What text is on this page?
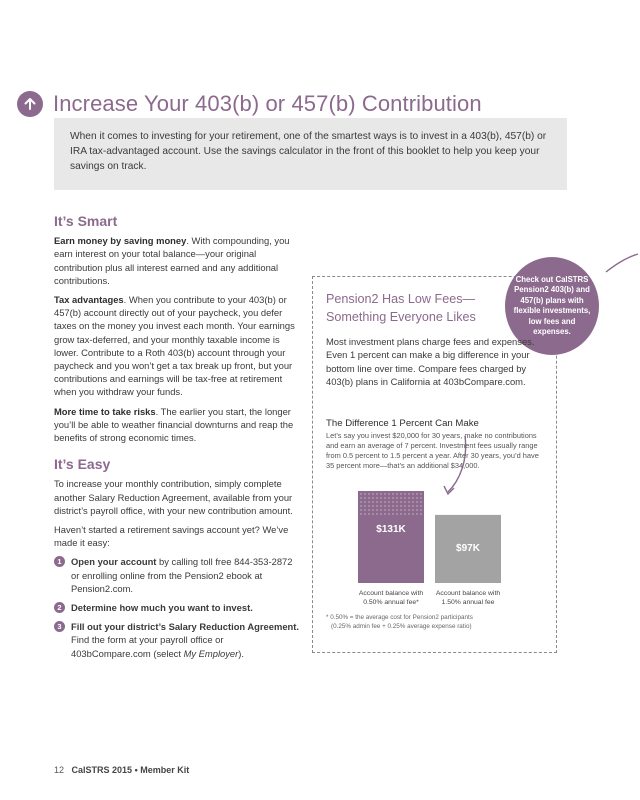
Increase Your 403(b) or 457(b) Contribution
When it comes to investing for your retirement, one of the smartest ways is to invest in a 403(b), 457(b) or IRA tax-advantaged account. Use the savings calculator in the front of this booklet to help you keep your savings on track.
It’s Smart

Earn money by saving money. With compounding, you earn interest on your total balance—your original contribution plus all interest earned and any additional contributions.

Tax advantages. When you contribute to your 403(b) or 457(b) account directly out of your paycheck, you defer taxes on the money you invest each month. Your earnings grow tax-deferred, and your monthly taxable income is lower. Contribute to a Roth 403(b) account through your paycheck and you won’t get a tax break up front, but your contributions and earnings will be tax-free at retirement when you withdraw your funds.

More time to take risks. The earlier you start, the longer you’ll be able to weather financial downturns and reap the benefits of strong economic times.

It’s Easy

To increase your monthly contribution, simply complete another Salary Reduction Agreement, available from your district’s payroll office, with your new contribution amount.

Haven’t started a retirement savings account yet? We’ve made it easy:

1	Open your account by calling toll free 844-353-2872 or enrolling online from the Pension2 ebook at Pension2.com.
2	Determine how much you want to invest.
3	Fill out your district’s Salary Reduction Agreement. Find the form at your payroll office or 403bCompare.com (select My Employer).
Check out CalSTRS Pension2 403(b) and 457(b) plans with flexible investments, low fees and expenses.
Pension2 Has Low Fees—Something Everyone Likes
Most investment plans charge fees and expenses. Even 1 percent can make a big difference in your bottom line over time. Compare fees charged by 403(b) plans in California at 403bCompare.com.
The Difference 1 Percent Can Make
Let’s say you invest $20,000 for 30 years, make no contributions and earn an average of 7 percent. Investment fees usually range from 0.5 percent to 1.5 percent a year. After 30 years, you’d have 35 percent more—that’s an additional $34,000.
$131K
Account balance with
0.50% annual fee*
$97K
Account balance with
1.50% annual fee
* 0.50% = the average cost for Pension2 participants
(0.25% admin fee + 0.25% average expense ratio)
12 CalSTRS 2015 • Member Kit
